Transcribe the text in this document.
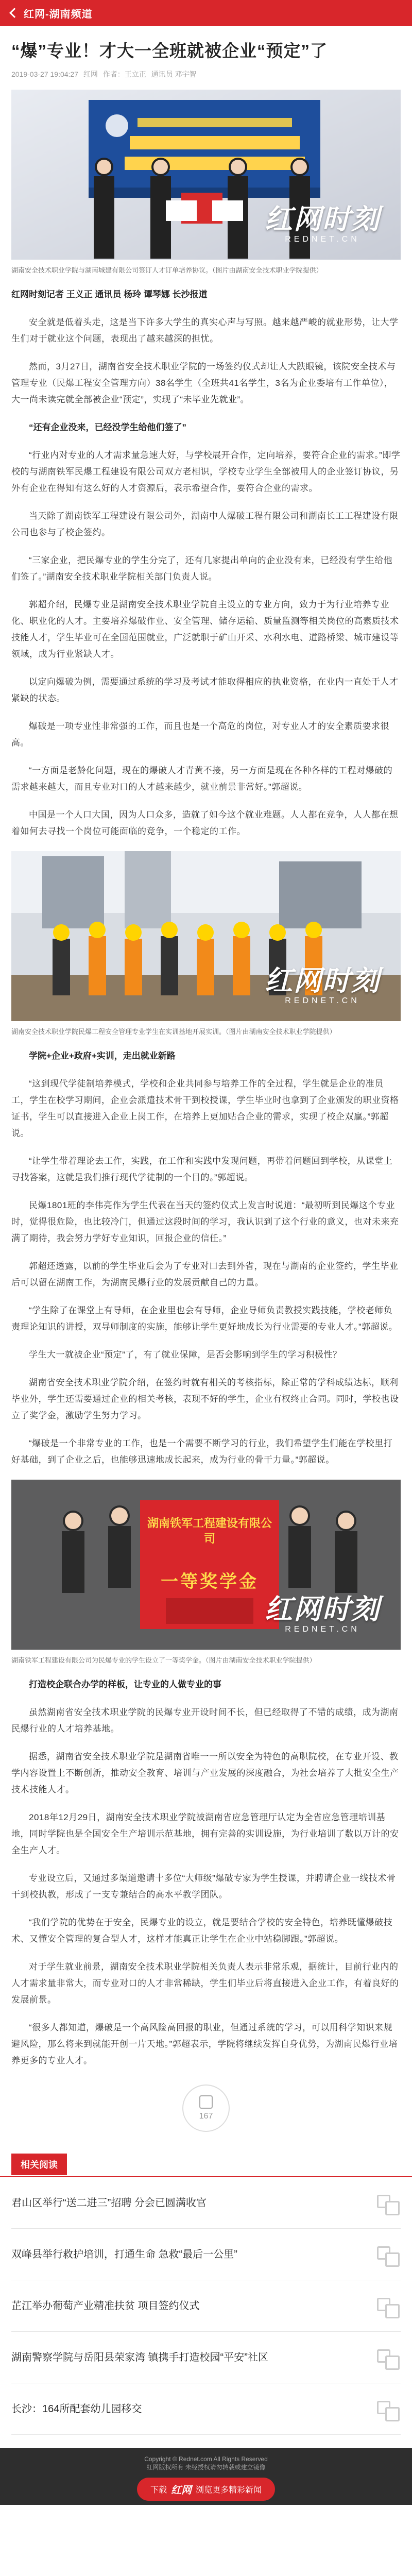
红网-湖南频道
“爆”专业！才大一全班就被企业“预定”了
2019-03-27 19:04:27 红网 作者：王立正 通讯员 邓宇智
红网时刻
REDNET.CN

湖南安全技术职业学院与湖南城建有限公司签订人才订单培养协议。（图片由湖南安全技术职业学院提供）

红网时刻记者 王义正 通讯员 杨玲 谭琴娜 长沙报道

安全就是低着头走，这是当下许多大学生的真实心声与写照。越来越严峻的就业形势，让大学生们对于就业这个问题，表现出了越来越深的担忧。

然而，3月27日，湖南省安全技术职业学院的一场签约仪式却让人大跌眼镜，该院安全技术与管理专业（民爆工程安全管理方向）38名学生（全班共41名学生，3名为企业委培有工作单位），大一尚未读完就全部被企业“预定”，实现了“未毕业先就业”。

“还有企业没来，已经没学生给他们签了”

“行业内对专业的人才需求量急速大好，与学校展开合作，定向培养，要符合企业的需求。”即学校的与湖南铁军民爆工程建设有限公司双方老相识，学校专业学生全部被用人的企业签订协议，另外有企业在得知有这么好的人才资源后，表示希望合作，要符合企业的需求。

当天除了湖南铁军工程建设有限公司外，湖南中人爆破工程有限公司和湖南长工工程建设有限公司也参与了校企签约。

“三家企业，把民爆专业的学生分完了，还有几家提出单向的企业没有来，已经没有学生给他们签了。”湖南安全技术职业学院相关部门负责人说。

郭超介绍，民爆专业是湖南安全技术职业学院自主设立的专业方向，致力于为行业培养专业化、职业化的人才。主要培养爆破作业、安全管理、储存运输、质量监测等相关岗位的高素质技术技能人才，学生毕业可在全国范围就业，广泛就职于矿山开采、水利水电、道路桥梁、城市建设等领域，成为行业紧缺人才。

以定向爆破为例，需要通过系统的学习及考试才能取得相应的执业资格，在业内一直处于人才紧缺的状态。

爆破是一项专业性非常强的工作，而且也是一个高危的岗位，对专业人才的安全素质要求很高。

“一方面是老龄化问题，现在的爆破人才青黄不接，另一方面是现在各种各样的工程对爆破的需求越来越大，而且专业对口的人才越来越少，就业前景非常好。”郭超说。

中国是一个人口大国，因为人口众多，造就了如今这个就业难题。人人都在竞争，人人都在想着如何去寻找一个岗位可能面临的竞争，一个稳定的工作。

红网时刻
REDNET.CN

湖南安全技术职业学院民爆工程安全管理专业学生在实训基地开展实训。（图片由湖南安全技术职业学院提供）

学院+企业+政府+实训，走出就业新路

“这到现代学徒制培养模式，学校和企业共同参与培养工作的全过程，学生就是企业的准员工，学生在校学习期间，企业会派遣技术骨干到校授课，学生毕业时也拿到了企业颁发的职业资格证书，学生可以直接进入企业上岗工作，在培养上更加贴合企业的需求，实现了校企双赢。”郭超说。

“让学生带着理论去工作，实践，在工作和实践中发现问题，再带着问题回到学校，从课堂上寻找答案，这就是我们推行现代学徒制的一个目的。”郭超说。

民爆1801班的李伟亮作为学生代表在当天的签约仪式上发言时说道：“最初听到民爆这个专业时，觉得很危险，也比较冷门，但通过这段时间的学习，我认识到了这个行业的意义，也对未来充满了期待，我会努力学好专业知识，回报企业的信任。”

郭超还透露，以前的学生毕业后会为了专业对口去到外省，现在与湖南的企业签约，学生毕业后可以留在湖南工作，为湖南民爆行业的发展贡献自己的力量。

“学生除了在课堂上有导师，在企业里也会有导师，企业导师负责教授实践技能，学校老师负责理论知识的讲授，双导师制度的实施，能够让学生更好地成长为行业需要的专业人才。”郭超说。

学生大一就被企业“预定”了，有了就业保障，是否会影响到学生的学习积极性？

湖南省安全技术职业学院介绍，在签约时就有相关的考核指标，除正常的学科成绩达标，顺利毕业外，学生还需要通过企业的相关考核，表现不好的学生，企业有权终止合同。同时，学校也设立了奖学金，激励学生努力学习。

“爆破是一个非常专业的工作，也是一个需要不断学习的行业，我们希望学生们能在学校里打好基础，到了企业之后，也能够迅速地成长起来，成为行业的骨干力量。”郭超说。

湖南铁军工程建设有限公司
一等奖学金
红网时刻
REDNET.CN

湖南铁军工程建设有限公司为民爆专业的学生设立了一等奖学金。（图片由湖南安全技术职业学院提供）

打造校企联合办学的样板，让专业的人做专业的事

虽然湖南省安全技术职业学院的民爆专业开设时间不长，但已经取得了不错的成绩，成为湖南民爆行业的人才培养基地。

据悉，湖南省安全技术职业学院是湖南省唯一一所以安全为特色的高职院校，在专业开设、教学内容设置上不断创新，推动安全教育、培训与产业发展的深度融合，为社会培养了大批安全生产技术技能人才。

2018年12月29日，湖南安全技术职业学院被湖南省应急管理厅认定为全省应急管理培训基地，同时学院也是全国安全生产培训示范基地，拥有完善的实训设施，为行业培训了数以万计的安全生产人才。

专业设立后，又通过多渠道邀请十多位“大师级”爆破专家为学生授课，并聘请企业一线技术骨干到校执教，形成了一支专兼结合的高水平教学团队。

“我们学院的优势在于安全，民爆专业的设立，就是要结合学校的安全特色，培养既懂爆破技术、又懂安全管理的复合型人才，这样才能真正让学生在企业中站稳脚跟。”郭超说。

对于学生就业前景，湖南安全技术职业学院相关负责人表示非常乐观，据统计，目前行业内的人才需求量非常大，而专业对口的人才非常稀缺，学生们毕业后将直接进入企业工作，有着良好的发展前景。

“很多人都知道，爆破是一个高风险高回报的职业，但通过系统的学习，可以用科学知识来规避风险，那么将来到就能开创一片天地。”郭超表示，学院将继续发挥自身优势，为湖南民爆行业培养更多的专业人才。

167
相关阅读
君山区举行“送二进三”招聘 分会已圆满收官
双峰县举行救护培训，打通生命 急救“最后一公里”
芷江举办葡萄产业精准扶贫 项目签约仪式
湖南警察学院与岳阳县荣家湾 镇携手打造校园“平安”社区
长沙：164所配套幼儿园移交
Copyright © Rednet.com All Rights Reserved
红网版权所有 未经授权请勿转载或建立镜像
下载 红网 浏览更多精彩新闻
